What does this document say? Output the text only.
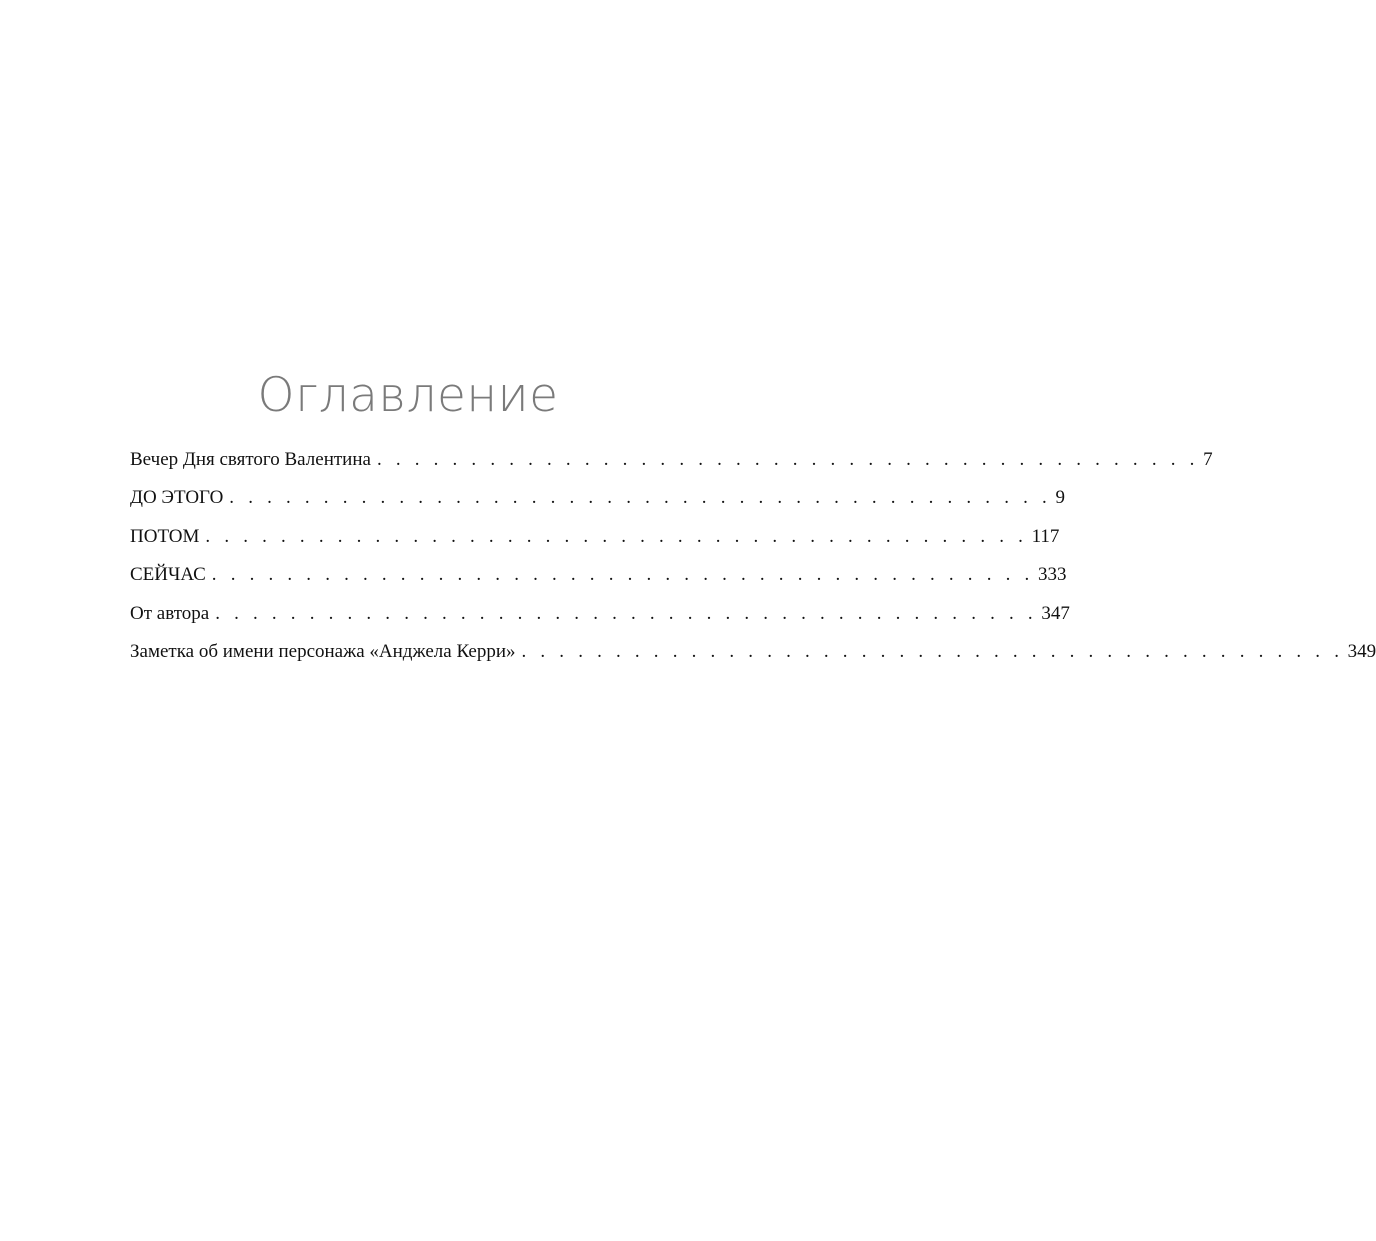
Оглавление
Вечер Дня святого Валентина . . . . . . . . . . . . . . . . . . . . . . . . . . . . . . . . . . . . . . . . . . . . 7
ДО ЭТОГО . . . . . . . . . . . . . . . . . . . . . . . . . . . . . . . . . . . . . . . . . . . . 9
ПОТОМ . . . . . . . . . . . . . . . . . . . . . . . . . . . . . . . . . . . . . . . . . . . . 117
СЕЙЧАС . . . . . . . . . . . . . . . . . . . . . . . . . . . . . . . . . . . . . . . . . . . . 333
От автора . . . . . . . . . . . . . . . . . . . . . . . . . . . . . . . . . . . . . . . . . . . . 347
Заметка об имени персонажа «Анджела Керри» . . . . . . . . . . . . . . . . . . . . . . . . . . . . . . . . . . . . . . . . . . . . 349
